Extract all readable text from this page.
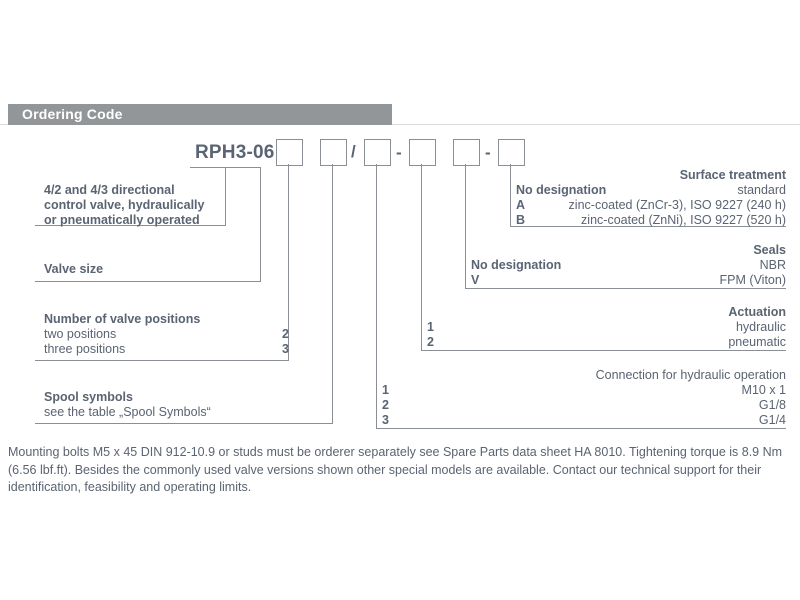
Ordering Code
RPH3-06	/ -	-
4/2 and 4/3 directional
control valve, hydraulically
or pneumatically operated
Valve size
Number of valve positions
two positions	2
three positions	3
Spool symbols
see the table „Spool Symbols“
Surface treatment
No designation	standard
A	zinc-coated (ZnCr-3), ISO 9227 (240 h)
B	zinc-coated (ZnNi), ISO 9227 (520 h)
Seals
No designation	NBR
V	FPM (Viton)
Actuation
1	hydraulic
2	pneumatic
Connection for hydraulic operation
1	M10 x 1
2	G1/8
3	G1/4
Mounting bolts M5 x 45 DIN 912-10.9 or studs must be orderer separately see Spare Parts data sheet HA 8010. Tightening torque is 8.9 Nm (6.56 lbf.ft). Besides the commonly used valve versions shown other special models are available. Contact our technical support for their identification, feasibility and operating limits.
